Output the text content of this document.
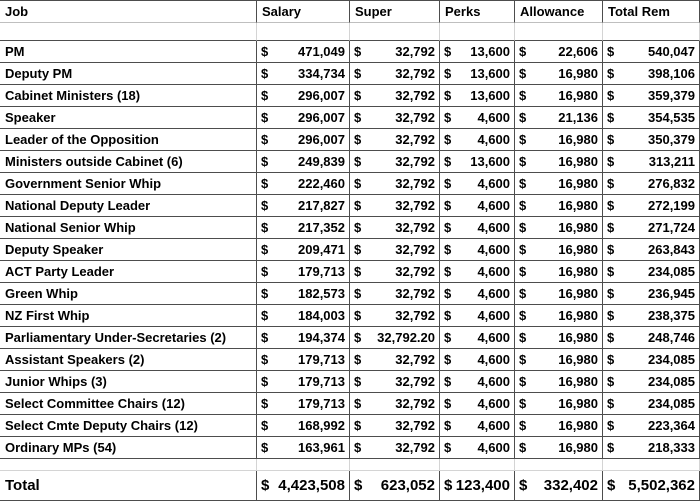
Job	Salary	Super	Perks	Allowance	Total Rem

PM	$ 471,049	$ 32,792	$ 13,600	$ 22,606	$ 540,047
Deputy PM	$ 334,734	$ 32,792	$ 13,600	$ 16,980	$ 398,106
Cabinet Ministers (18)	$ 296,007	$ 32,792	$ 13,600	$ 16,980	$ 359,379
Speaker	$ 296,007	$ 32,792	$ 4,600	$ 21,136	$ 354,535
Leader of the Opposition	$ 296,007	$ 32,792	$ 4,600	$ 16,980	$ 350,379
Ministers outside Cabinet (6)	$ 249,839	$ 32,792	$ 13,600	$ 16,980	$ 313,211
Government Senior Whip	$ 222,460	$ 32,792	$ 4,600	$ 16,980	$ 276,832
National Deputy Leader	$ 217,827	$ 32,792	$ 4,600	$ 16,980	$ 272,199
National Senior Whip	$ 217,352	$ 32,792	$ 4,600	$ 16,980	$ 271,724
Deputy Speaker	$ 209,471	$ 32,792	$ 4,600	$ 16,980	$ 263,843
ACT Party Leader	$ 179,713	$ 32,792	$ 4,600	$ 16,980	$ 234,085
Green Whip	$ 182,573	$ 32,792	$ 4,600	$ 16,980	$ 236,945
NZ First Whip	$ 184,003	$ 32,792	$ 4,600	$ 16,980	$ 238,375
Parliamentary Under-Secretaries (2)	$ 194,374	$ 32,792.20	$ 4,600	$ 16,980	$ 248,746
Assistant Speakers (2)	$ 179,713	$ 32,792	$ 4,600	$ 16,980	$ 234,085
Junior Whips (3)	$ 179,713	$ 32,792	$ 4,600	$ 16,980	$ 234,085
Select Committee Chairs (12)	$ 179,713	$ 32,792	$ 4,600	$ 16,980	$ 234,085
Select Cmte Deputy Chairs (12)	$ 168,992	$ 32,792	$ 4,600	$ 16,980	$ 223,364
Ordinary MPs (54)	$ 163,961	$ 32,792	$ 4,600	$ 16,980	$ 218,333

Total	$ 4,423,508	$ 623,052	$ 123,400	$ 332,402	$ 5,502,362
